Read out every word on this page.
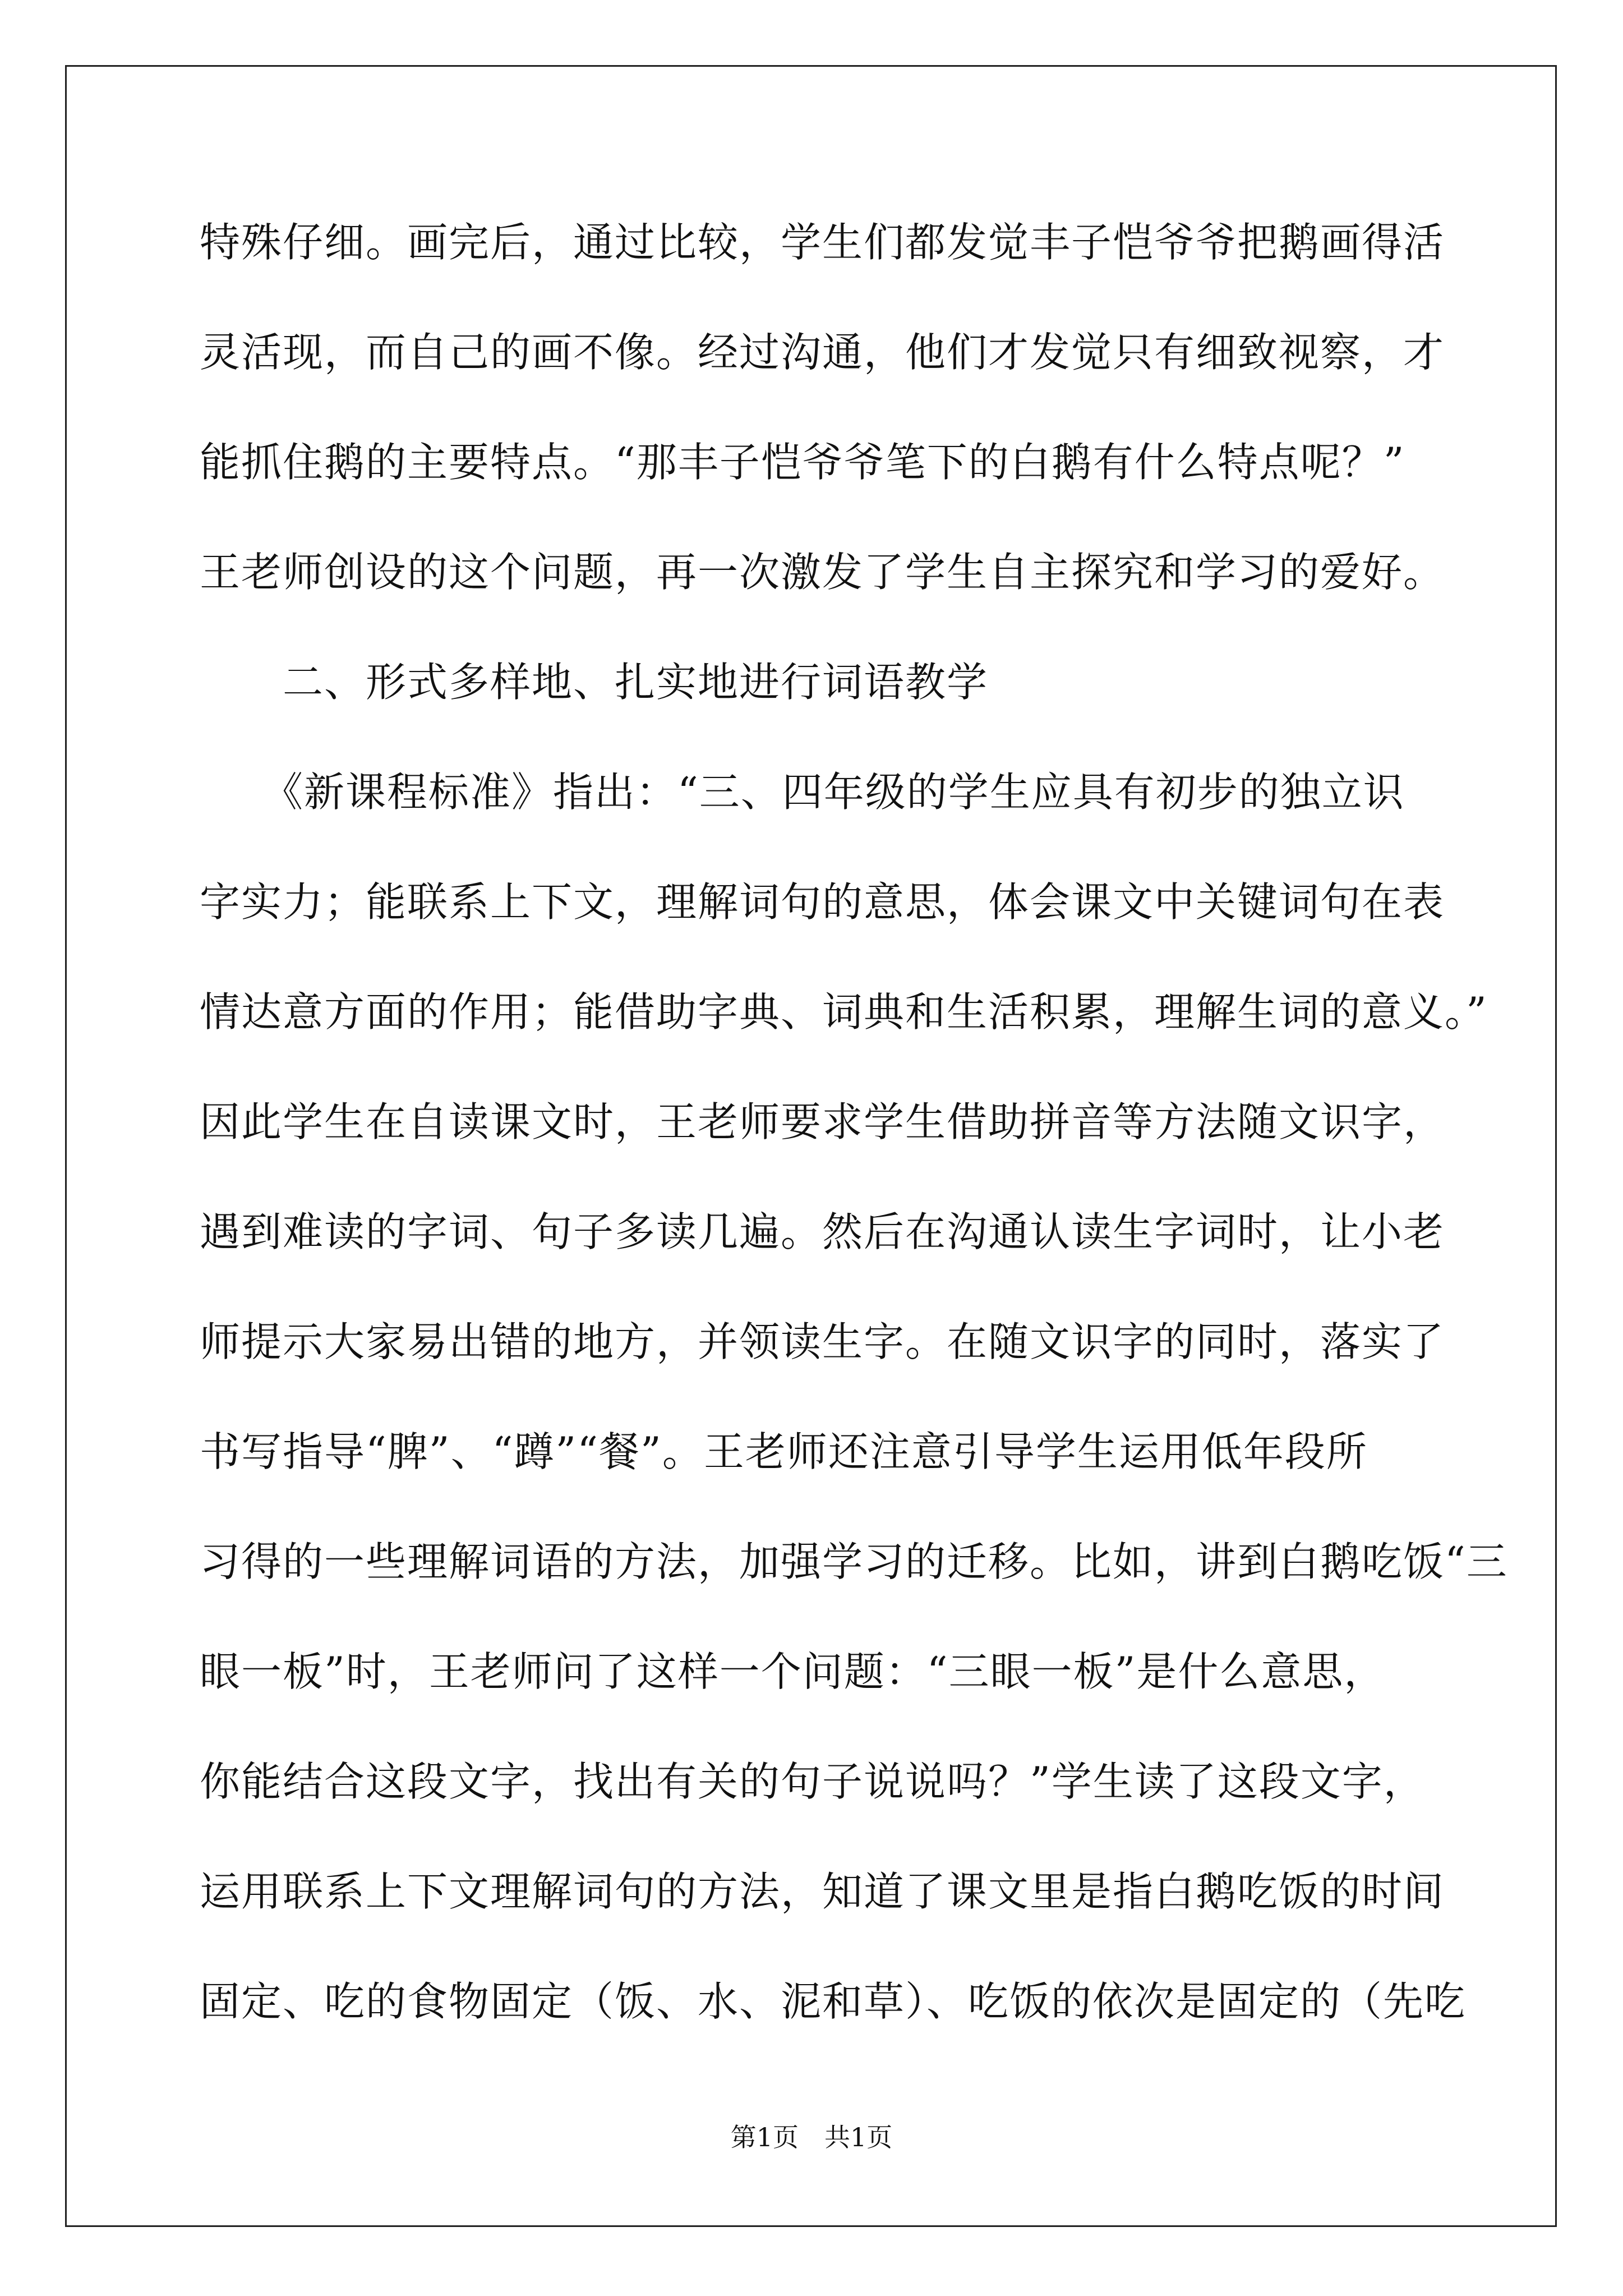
特殊仔细。画完后，通过比较，学生们都发觉丰子恺爷爷把鹅画得活
灵活现，而自己的画不像。经过沟通，他们才发觉只有细致视察，才
能抓住鹅的主要特点。“那丰子恺爷爷笔下的白鹅有什么特点呢？”
王老师创设的这个问题，再一次激发了学生自主探究和学习的爱好。
　　二、形式多样地、扎实地进行词语教学
　　《新课程标准》指出：“三、四年级的学生应具有初步的独立识
字实力；能联系上下文，理解词句的意思，体会课文中关键词句在表
情达意方面的作用；能借助字典、词典和生活积累，理解生词的意义。”
因此学生在自读课文时，王老师要求学生借助拼音等方法随文识字，
遇到难读的字词、句子多读几遍。然后在沟通认读生字词时，让小老
师提示大家易出错的地方，并领读生字。在随文识字的同时，落实了
书写指导“脾”、“蹲”“餐”。王老师还注意引导学生运用低年段所
习得的一些理解词语的方法，加强学习的迁移。比如，讲到白鹅吃饭“三
眼一板”时，王老师问了这样一个问题：“三眼一板”是什么意思，
你能结合这段文字，找出有关的句子说说吗？”学生读了这段文字，
运用联系上下文理解词句的方法，知道了课文里是指白鹅吃饭的时间
固定、吃的食物固定（饭、水、泥和草）、吃饭的依次是固定的（先吃
第1页　共1页
